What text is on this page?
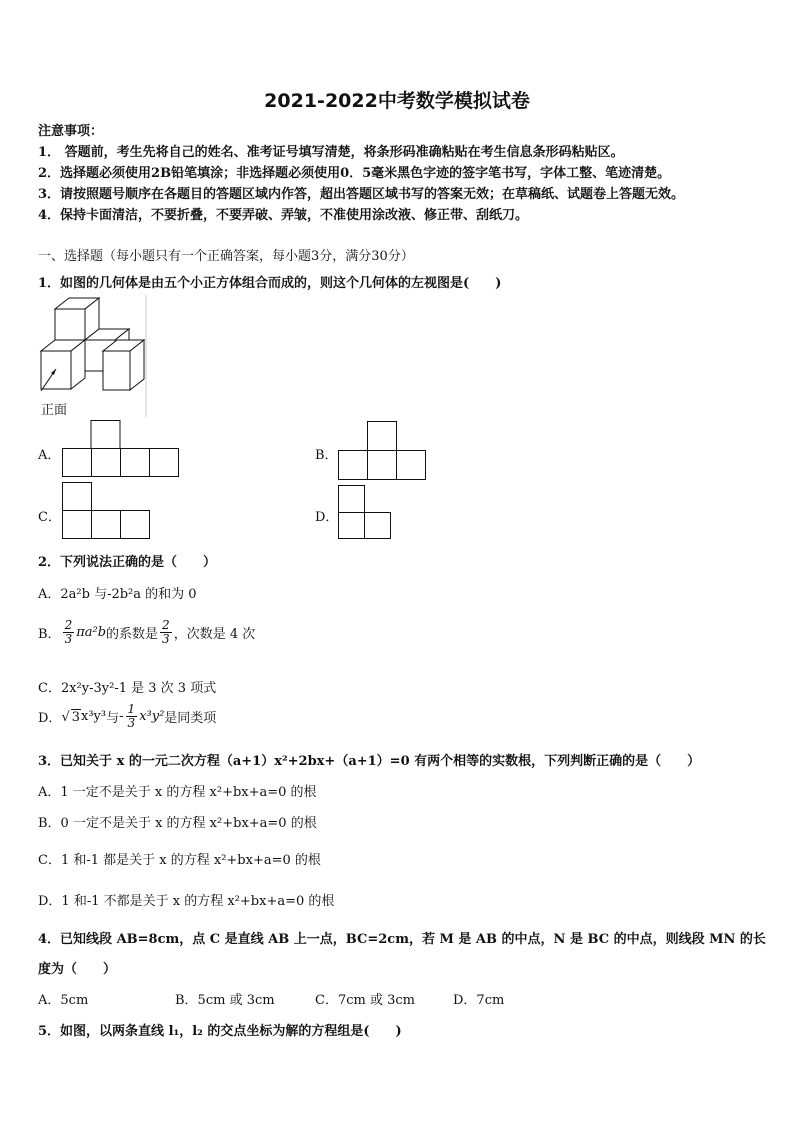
2021-2022中考数学模拟试卷
注意事项：
1． 答题前，考生先将自己的姓名、准考证号填写清楚，将条形码准确粘贴在考生信息条形码粘贴区。
2．选择题必须使用2B铅笔填涂；非选择题必须使用0．5毫米黑色字迹的签字笔书写，字体工整、笔迹清楚。
3．请按照题号顺序在各题目的答题区域内作答，超出答题区域书写的答案无效；在草稿纸、试题卷上答题无效。
4．保持卡面清洁，不要折叠，不要弄破、弄皱，不准使用涂改液、修正带、刮纸刀。
一、选择题（每小题只有一个正确答案，每小题3分，满分30分）
1．如图的几何体是由五个小正方体组合而成的，则这个几何体的左视图是(　　)
正面
A．	B．
C．	D．
2．下列说法正确的是（　　）
A．2a²b 与-2b²a 的和为 0
B． $\frac{2}{3} \pi a^2b$ 的系数是 $\frac{2}{3}$ ，次数是 4 次
C．2x²y-3y²-1 是 3 次 3 项式
D． √ 3 x³y³ 与 - $\frac{1}{3} x^3y^2$ 是同类项
3．已知关于 x 的一元二次方程（a+1）x²+2bx+（a+1）=0 有两个相等的实数根，下列判断正确的是（　　）
A．1 一定不是关于 x 的方程 x²+bx+a=0 的根
B．0 一定不是关于 x 的方程 x²+bx+a=0 的根
C．1 和-1 都是关于 x 的方程 x²+bx+a=0 的根
D．1 和-1 不都是关于 x 的方程 x²+bx+a=0 的根
4．已知线段 AB=8cm，点 C 是直线 AB 上一点，BC=2cm，若 M 是 AB 的中点，N 是 BC 的中点，则线段 MN 的长
度为（　　）
A．5cm	B．5cm 或 3cm	C．7cm 或 3cm	D．7cm
5．如图，以两条直线 l₁，l₂ 的交点坐标为解的方程组是(　　)
